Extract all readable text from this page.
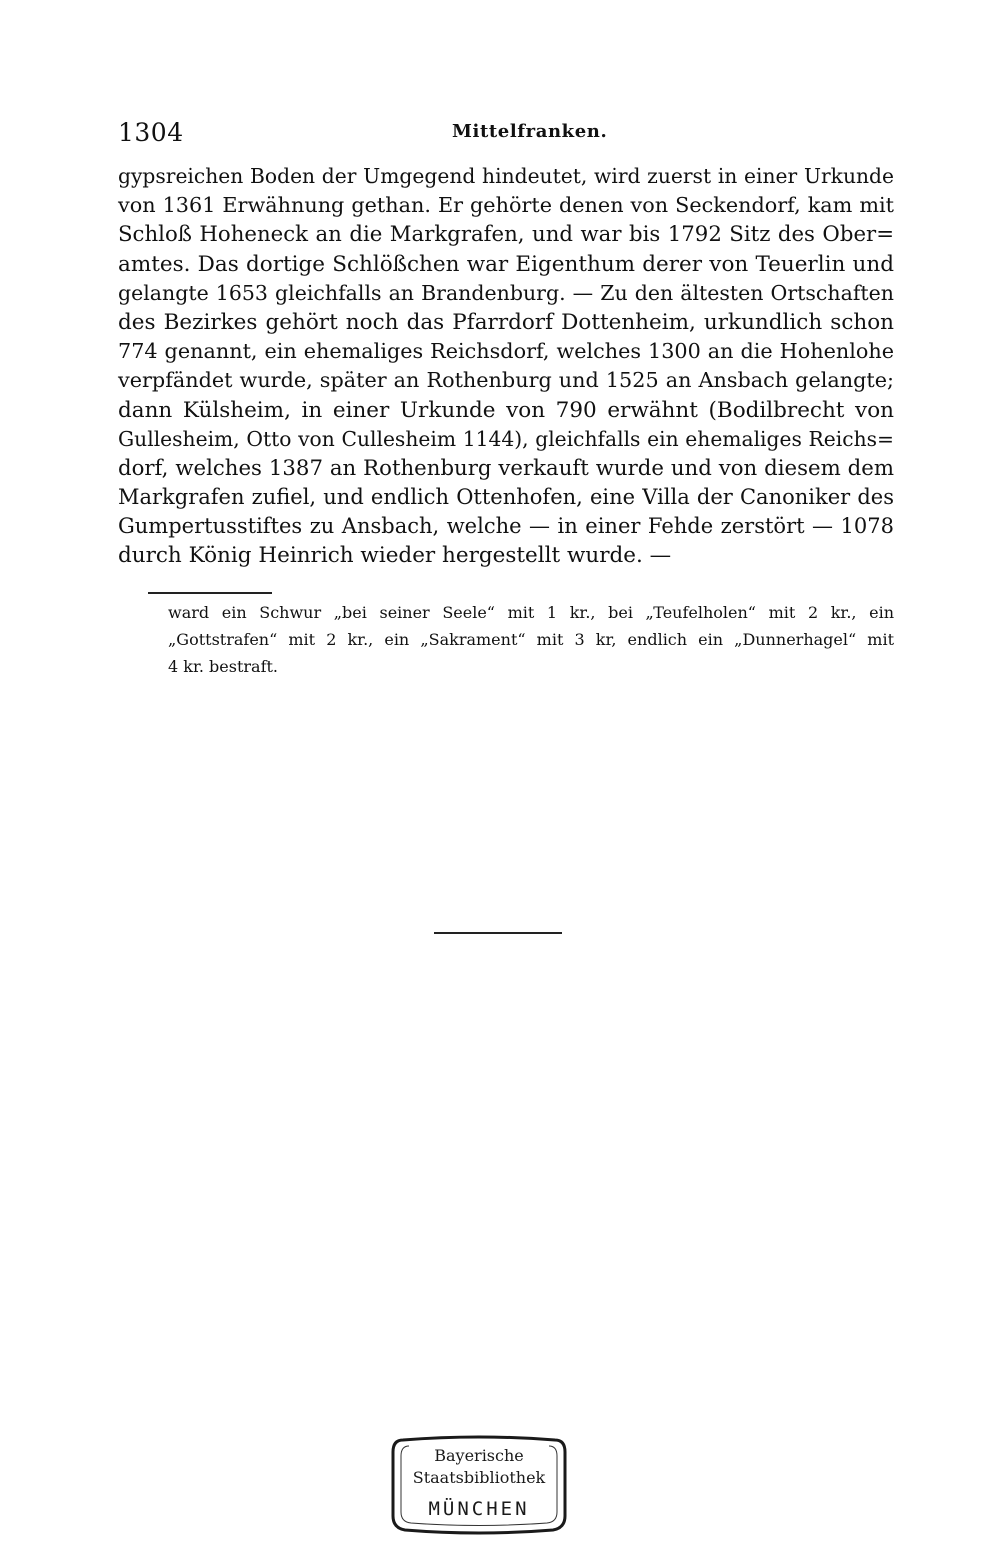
1304	Mittelfranken.
gypsreichen Boden der Umgegend hindeutet, wird zuerst in einer Urkunde
von 1361 Erwähnung gethan. Er gehörte denen von Seckendorf, kam mit
Schloß Hoheneck an die Markgrafen, und war bis 1792 Sitz des Ober=
amtes. Das dortige Schlößchen war Eigenthum derer von Teuerlin und
gelangte 1653 gleichfalls an Brandenburg. — Zu den ältesten Ortschaften
des Bezirkes gehört noch das Pfarrdorf Dottenheim, urkundlich schon
774 genannt, ein ehemaliges Reichsdorf, welches 1300 an die Hohenlohe
verpfändet wurde, später an Rothenburg und 1525 an Ansbach gelangte;
dann Külsheim, in einer Urkunde von 790 erwähnt (Bodilbrecht von
Gullesheim, Otto von Cullesheim 1144), gleichfalls ein ehemaliges Reichs=
dorf, welches 1387 an Rothenburg verkauft wurde und von diesem dem
Markgrafen zufiel, und endlich Ottenhofen, eine Villa der Canoniker des
Gumpertusstiftes zu Ansbach, welche — in einer Fehde zerstört — 1078
durch König Heinrich wieder hergestellt wurde. —
ward ein Schwur „bei seiner Seele“ mit 1 kr., bei „Teufelholen“ mit 2 kr., ein
„Gottstrafen“ mit 2 kr., ein „Sakrament“ mit 3 kr, endlich ein „Dunnerhagel“ mit
4 kr. bestraft.
Bayerische
Staatsbibliothek
MÜNCHEN
